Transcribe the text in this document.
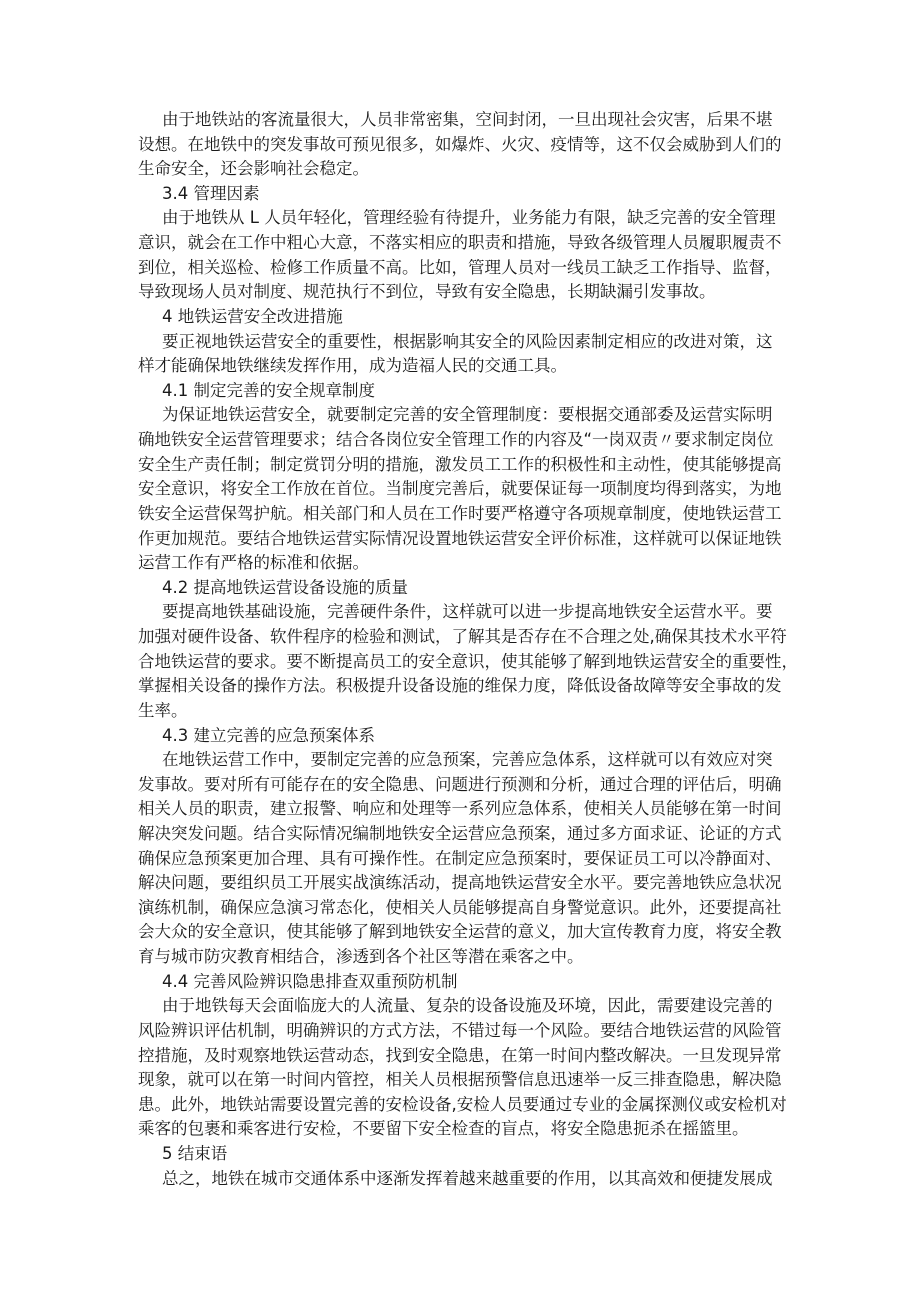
由于地铁站的客流量很大，人员非常密集，空间封闭，一旦出现社会灾害，后果不堪
设想。在地铁中的突发事故可预见很多，如爆炸、火灾、疫情等，这不仅会威胁到人们的
生命安全，还会影响社会稳定。
3.4 管理因素
由于地铁从 L 人员年轻化，管理经验有待提升，业务能力有限，缺乏完善的安全管理
意识，就会在工作中粗心大意，不落实相应的职责和措施，导致各级管理人员履职履责不
到位，相关巡检、检修工作质量不高。比如，管理人员对一线员工缺乏工作指导、监督，
导致现场人员对制度、规范执行不到位，导致有安全隐患，长期缺漏引发事故。
4 地铁运营安全改进措施
要正视地铁运营安全的重要性，根据影响其安全的风险因素制定相应的改进对策，这
样才能确保地铁继续发挥作用，成为造福人民的交通工具。
4.1 制定完善的安全规章制度
为保证地铁运营安全，就要制定完善的安全管理制度：要根据交通部委及运营实际明
确地铁安全运营管理要求；结合各岗位安全管理工作的内容及“一岗双责〃要求制定岗位
安全生产责任制；制定赏罚分明的措施，激发员工工作的积极性和主动性，使其能够提高
安全意识，将安全工作放在首位。当制度完善后，就要保证每一项制度均得到落实，为地
铁安全运营保驾护航。相关部门和人员在工作时要严格遵守各项规章制度，使地铁运营工
作更加规范。要结合地铁运营实际情况设置地铁运营安全评价标准，这样就可以保证地铁
运营工作有严格的标准和依据。
4.2 提高地铁运营设备设施的质量
要提高地铁基础设施，完善硬件条件，这样就可以进一步提高地铁安全运营水平。要
加强对硬件设备、软件程序的检验和测试，了解其是否存在不合理之处,确保其技术水平符
合地铁运营的要求。要不断提高员工的安全意识，使其能够了解到地铁运营安全的重要性，
掌握相关设备的操作方法。积极提升设备设施的维保力度，降低设备故障等安全事故的发
生率。
4.3 建立完善的应急预案体系
在地铁运营工作中，要制定完善的应急预案，完善应急体系，这样就可以有效应对突
发事故。要对所有可能存在的安全隐患、问题进行预测和分析，通过合理的评估后，明确
相关人员的职责，建立报警、响应和处理等一系列应急体系，使相关人员能够在第一时间
解决突发问题。结合实际情况编制地铁安全运营应急预案，通过多方面求证、论证的方式
确保应急预案更加合理、具有可操作性。在制定应急预案时，要保证员工可以冷静面对、
解决问题，要组织员工开展实战演练活动，提高地铁运营安全水平。要完善地铁应急状况
演练机制，确保应急演习常态化，使相关人员能够提高自身警觉意识。此外，还要提高社
会大众的安全意识，使其能够了解到地铁安全运营的意义，加大宣传教育力度，将安全教
育与城市防灾教育相结合，渗透到各个社区等潜在乘客之中。
4.4 完善风险辨识隐患排查双重预防机制
由于地铁每天会面临庞大的人流量、复杂的设备设施及环境，因此，需要建设完善的
风险辨识评估机制，明确辨识的方式方法，不错过每一个风险。要结合地铁运营的风险管
控措施，及时观察地铁运营动态，找到安全隐患，在第一时间内整改解决。一旦发现异常
现象，就可以在第一时间内管控，相关人员根据预警信息迅速举一反三排查隐患，解决隐
患。此外，地铁站需要设置完善的安检设备,安检人员要通过专业的金属探测仪或安检机对
乘客的包裹和乘客进行安检，不要留下安全检查的盲点，将安全隐患扼杀在摇篮里。
5 结束语
总之，地铁在城市交通体系中逐渐发挥着越来越重要的作用，以其高效和便捷发展成
